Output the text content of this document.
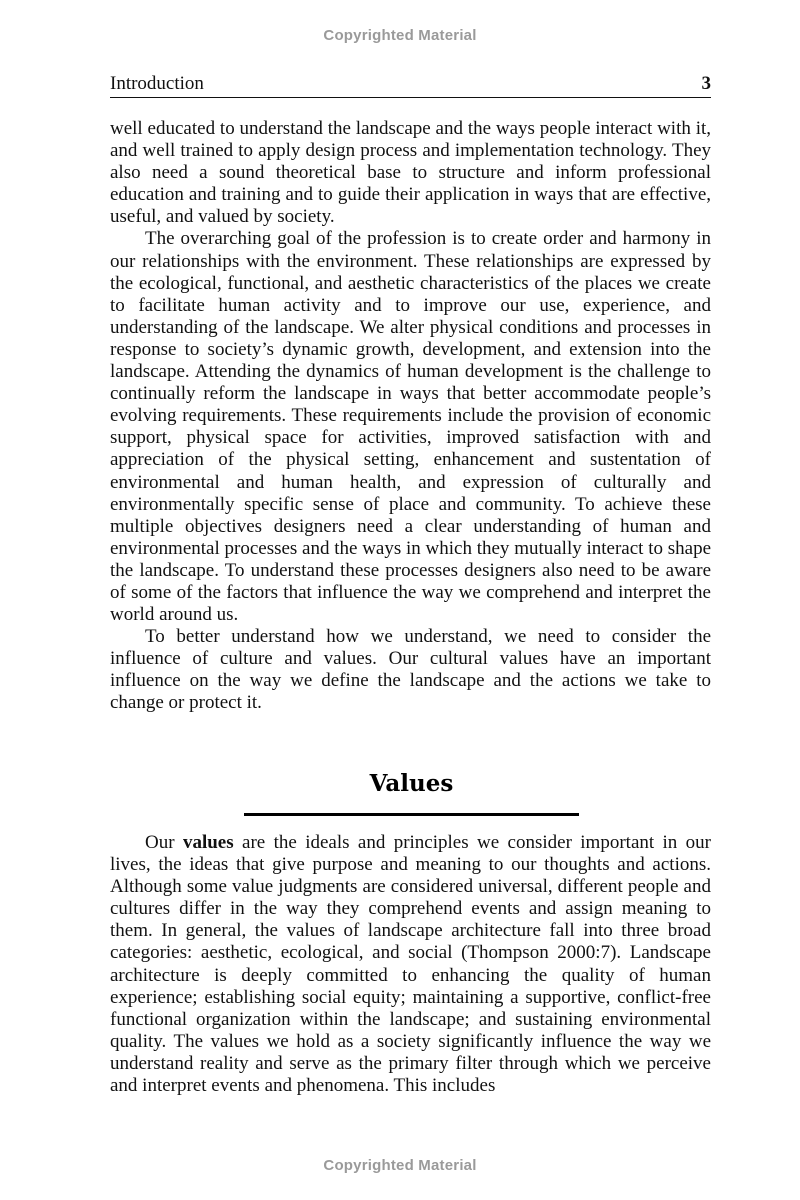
Copyrighted Material
Introduction	3

well educated to understand the landscape and the ways people interact with it, and well trained to apply design process and implementation technology. They also need a sound theoretical base to structure and inform professional education and training and to guide their application in ways that are effective, useful, and valued by society.

The overarching goal of the profession is to create order and harmony in our relationships with the environment. These relationships are expressed by the ecological, functional, and aesthetic characteristics of the places we create to facilitate human activity and to improve our use, experience, and understanding of the landscape. We alter physical conditions and processes in response to society’s dynamic growth, development, and extension into the landscape. Attending the dynamics of human development is the challenge to continually reform the landscape in ways that better accommodate people’s evolving requirements. These requirements include the provision of economic support, physical space for activities, improved satisfaction with and appreciation of the physical setting, enhancement and sustentation of environmental and human health, and expression of culturally and environmentally specific sense of place and community. To achieve these multiple objectives designers need a clear understanding of human and environmental processes and the ways in which they mutually interact to shape the landscape. To understand these processes designers also need to be aware of some of the factors that influence the way we comprehend and interpret the world around us.

To better understand how we understand, we need to consider the influence of culture and values. Our cultural values have an important influence on the way we define the landscape and the actions we take to change or protect it.

Values

Our values are the ideals and principles we consider important in our lives, the ideas that give purpose and meaning to our thoughts and actions. Although some value judgments are considered universal, different people and cultures differ in the way they comprehend events and assign meaning to them. In general, the values of landscape architecture fall into three broad categories: aesthetic, ecological, and social (Thompson 2000:7). Landscape architecture is deeply committed to enhancing the quality of human experience; establishing social equity; maintaining a supportive, conflict-free functional organization within the landscape; and sustaining environmental quality. The values we hold as a society significantly influence the way we understand reality and serve as the primary filter through which we perceive and interpret events and phenomena. This includes

Copyrighted Material
